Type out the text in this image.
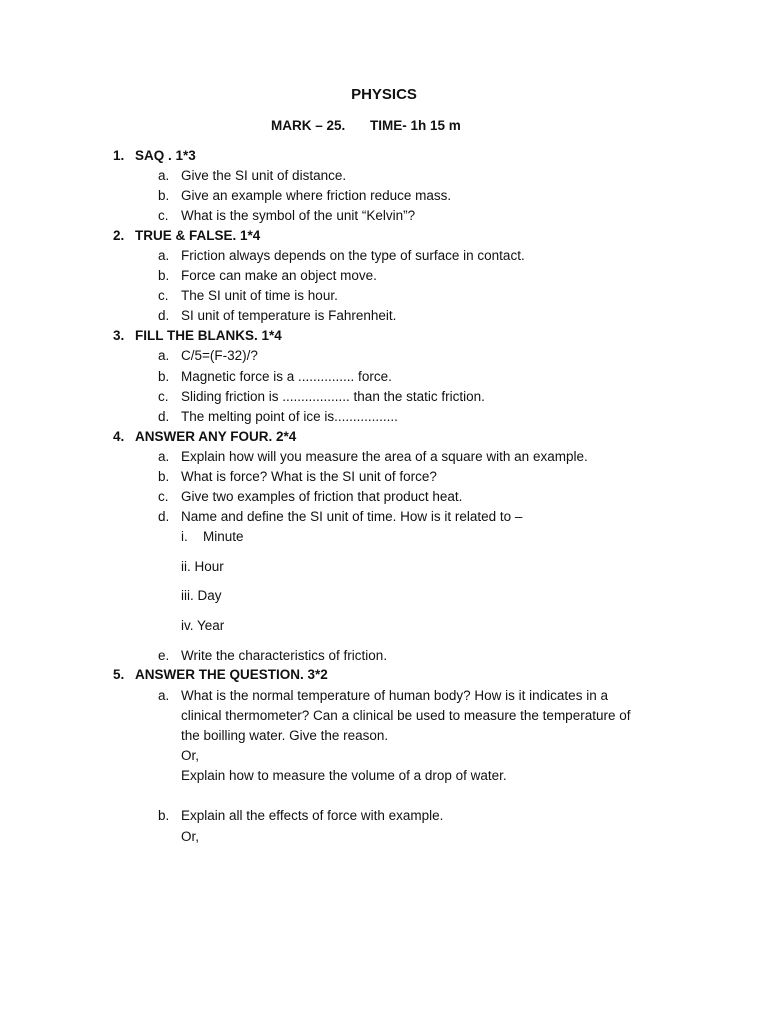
PHYSICS
MARK – 25. TIME- 1h 15 m
1. SAQ . 1*3
a. Give the SI unit of distance.
b. Give an example where friction reduce mass.
c. What is the symbol of the unit “Kelvin”?
2. TRUE & FALSE. 1*4
a. Friction always depends on the type of surface in contact.
b. Force can make an object move.
c. The SI unit of time is hour.
d. SI unit of temperature is Fahrenheit.
3. FILL THE BLANKS. 1*4
a. C/5=(F-32)/?
b. Magnetic force is a ............... force.
c. Sliding friction is .................. than the static friction.
d. The melting point of ice is.................
4. ANSWER ANY FOUR. 2*4
a. Explain how will you measure the area of a square with an example.
b. What is force? What is the SI unit of force?
c. Give two examples of friction that product heat.
d. Name and define the SI unit of time. How is it related to –
i. Minute
ii. Hour
iii. Day
iv. Year
e. Write the characteristics of friction.
5. ANSWER THE QUESTION. 3*2
a. What is the normal temperature of human body? How is it indicates in a
clinical thermometer? Can a clinical be used to measure the temperature of
the boilling water. Give the reason.
Or,
Explain how to measure the volume of a drop of water.
b. Explain all the effects of force with example.
Or,
